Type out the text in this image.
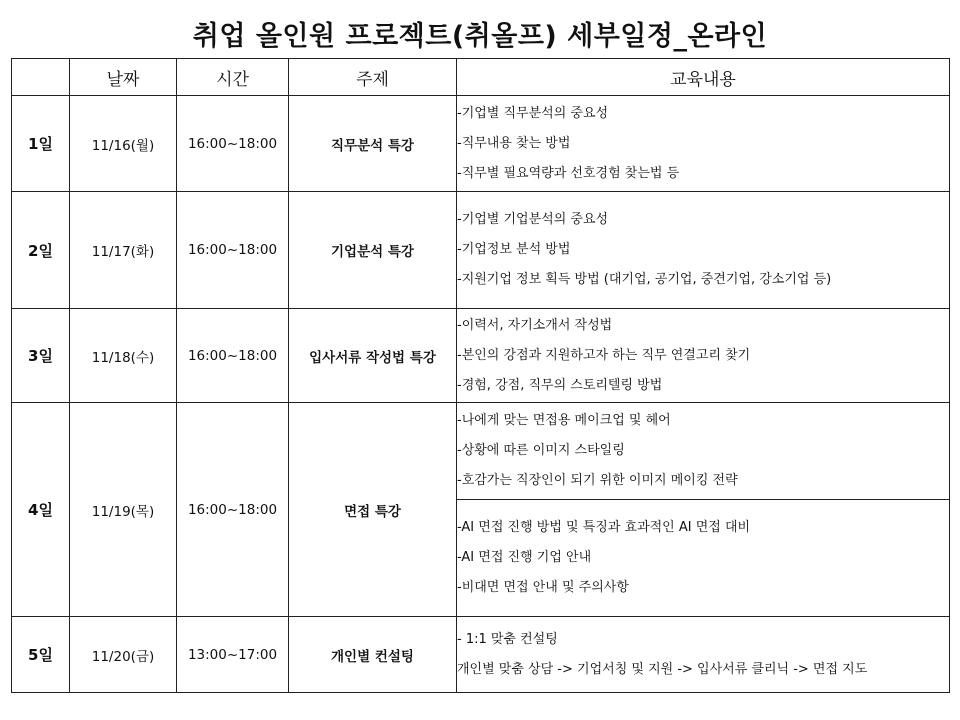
취업 올인원 프로젝트(취올프) 세부일정_온라인
	날짜	시간	주제	교육내용
1일	11/16(월)	16:00~18:00	직무분석 특강	-기업별 직무분석의 중요성
-직무내용 찾는 방법
-직무별 필요역량과 선호경험 찾는법 등

2일	11/17(화)	16:00~18:00	기업분석 특강	-기업별 기업분석의 중요성
-기업정보 분석 방법
-지원기업 정보 획득 방법 (대기업, 공기업, 중견기업, 강소기업 등)

3일	11/18(수)	16:00~18:00	입사서류 작성법 특강	-이력서, 자기소개서 작성법
-본인의 강점과 지원하고자 하는 직무 연결고리 찾기
-경험, 강점, 직무의 스토리텔링 방법

4일	11/19(목)	16:00~18:00	면접 특강	-나에게 맞는 면접용 메이크업 및 헤어
-상황에 따른 이미지 스타일링
-호감가는 직장인이 되기 위한 이미지 메이킹 전략

				-AI 면접 진행 방법 및 특징과 효과적인 AI 면접 대비
-AI 면접 진행 기업 안내
-비대면 면접 안내 및 주의사항

5일	11/20(금)	13:00~17:00	개인별 컨설팅	- 1:1 맞춤 컨설팅
개인별 맞춤 상담 -> 기업서칭 및 지원 -> 입사서류 클리닉 -> 면접 지도
